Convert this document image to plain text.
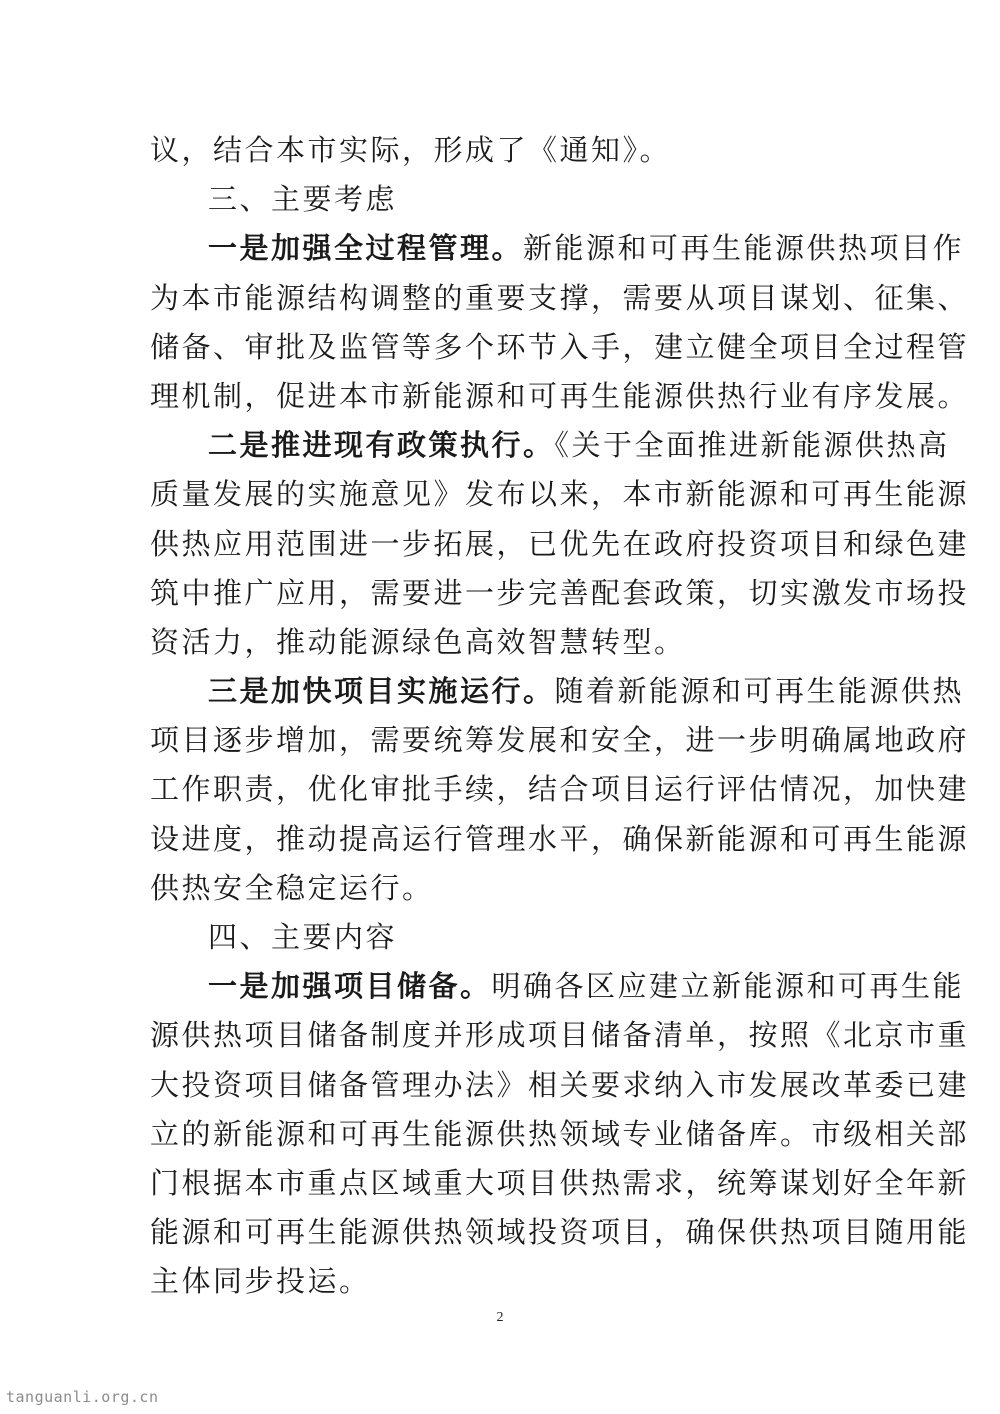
议，结合本市实际，形成了《通知》。
三、主要考虑
一是加强全过程管理。新能源和可再生能源供热项目作
为本市能源结构调整的重要支撑，需要从项目谋划、征集、
储备、审批及监管等多个环节入手，建立健全项目全过程管
理机制，促进本市新能源和可再生能源供热行业有序发展。
二是推进现有政策执行。《关于全面推进新能源供热高
质量发展的实施意见》发布以来，本市新能源和可再生能源
供热应用范围进一步拓展，已优先在政府投资项目和绿色建
筑中推广应用，需要进一步完善配套政策，切实激发市场投
资活力，推动能源绿色高效智慧转型。
三是加快项目实施运行。随着新能源和可再生能源供热
项目逐步增加，需要统筹发展和安全，进一步明确属地政府
工作职责，优化审批手续，结合项目运行评估情况，加快建
设进度，推动提高运行管理水平，确保新能源和可再生能源
供热安全稳定运行。
四、主要内容
一是加强项目储备。明确各区应建立新能源和可再生能
源供热项目储备制度并形成项目储备清单，按照《北京市重
大投资项目储备管理办法》相关要求纳入市发展改革委已建
立的新能源和可再生能源供热领域专业储备库。市级相关部
门根据本市重点区域重大项目供热需求，统筹谋划好全年新
能源和可再生能源供热领域投资项目，确保供热项目随用能
主体同步投运。
2
tanguanli.org.cn
